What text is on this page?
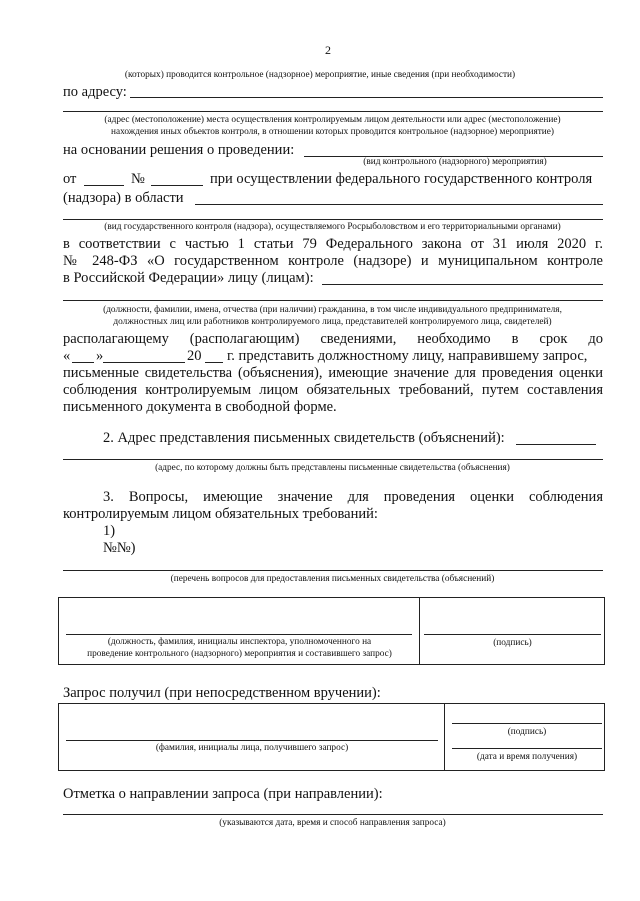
2
(которых) проводится контрольное (надзорное) мероприятие, иные сведения (при необходимости)
по адресу:
(адрес (местоположение) места осуществления контролируемым лицом деятельности или адрес (местоположение)
нахождения иных объектов контроля, в отношении которых проводится контрольное (надзорное) мероприятие)
на основании решения о проведении:
(вид контрольного (надзорного) мероприятия)
от	№	при осуществлении федерального государственного контроля
(надзора) в области
(вид государственного контроля (надзора), осуществляемого Росрыболовством и его территориальными органами)
в соответствии с частью 1 статьи 79 Федерального закона от 31 июля 2020 г.
№ 248-ФЗ «О государственном контроле (надзоре) и муниципальном контроле
в Российской Федерации» лицу (лицам):
(должности, фамилии, имена, отчества (при наличии) гражданина, в том числе индивидуального предпринимателя,
должностных лиц или работников контролируемого лица, представителей контролируемого лица, свидетелей)
располагающему (располагающим) сведениями, необходимо в срок до
« »	20 г. представить должностному лицу, направившему запрос,
письменные свидетельства (объяснения), имеющие значение для проведения оценки
соблюдения контролируемым лицом обязательных требований, путем составления
письменного документа в свободной форме.
2. Адрес представления письменных свидетельств (объяснений):
(адрес, по которому должны быть представлены письменные свидетельства (объяснения)
3. Вопросы, имеющие значение для проведения оценки соблюдения
контролируемым лицом обязательных требований:
1)
№№)
(перечень вопросов для предоставления письменных свидетельства (объяснений)
(должность, фамилия, инициалы инспектора, уполномоченного на
проведение контрольного (надзорного) мероприятия и составившего запрос)
(подпись)
Запрос получил (при непосредственном вручении):
(фамилия, инициалы лица, получившего запрос)
(подпись)
(дата и время получения)
Отметка о направлении запроса (при направлении):
(указываются дата, время и способ направления запроса)
